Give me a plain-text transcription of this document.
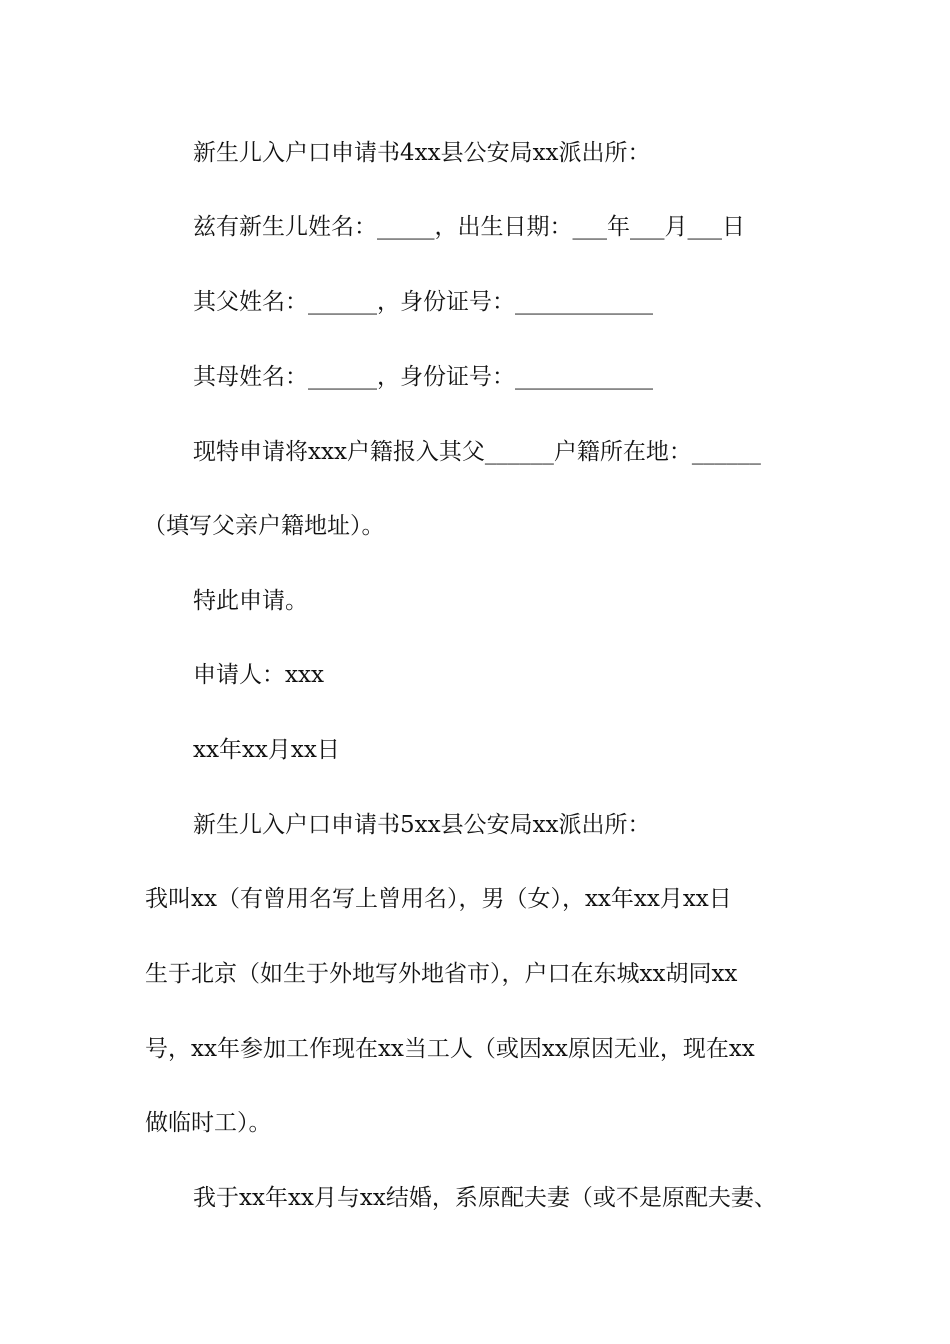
新生儿入户口申请书4xx县公安局xx派出所：
兹有新生儿姓名：_____，出生日期：___年___月___日
其父姓名：______，身份证号：____________
其母姓名：______，身份证号：____________
现特申请将xxx户籍报入其父______户籍所在地：______
（填写父亲户籍地址）。
特此申请。
申请人：xxx
xx年xx月xx日
新生儿入户口申请书5xx县公安局xx派出所：
我叫xx（有曾用名写上曾用名），男（女），xx年xx月xx日
生于北京（如生于外地写外地省市），户口在东城xx胡同xx
号，xx年参加工作现在xx当工人（或因xx原因无业，现在xx
做临时工）。
我于xx年xx月与xx结婚，系原配夫妻（或不是原配夫妻、
